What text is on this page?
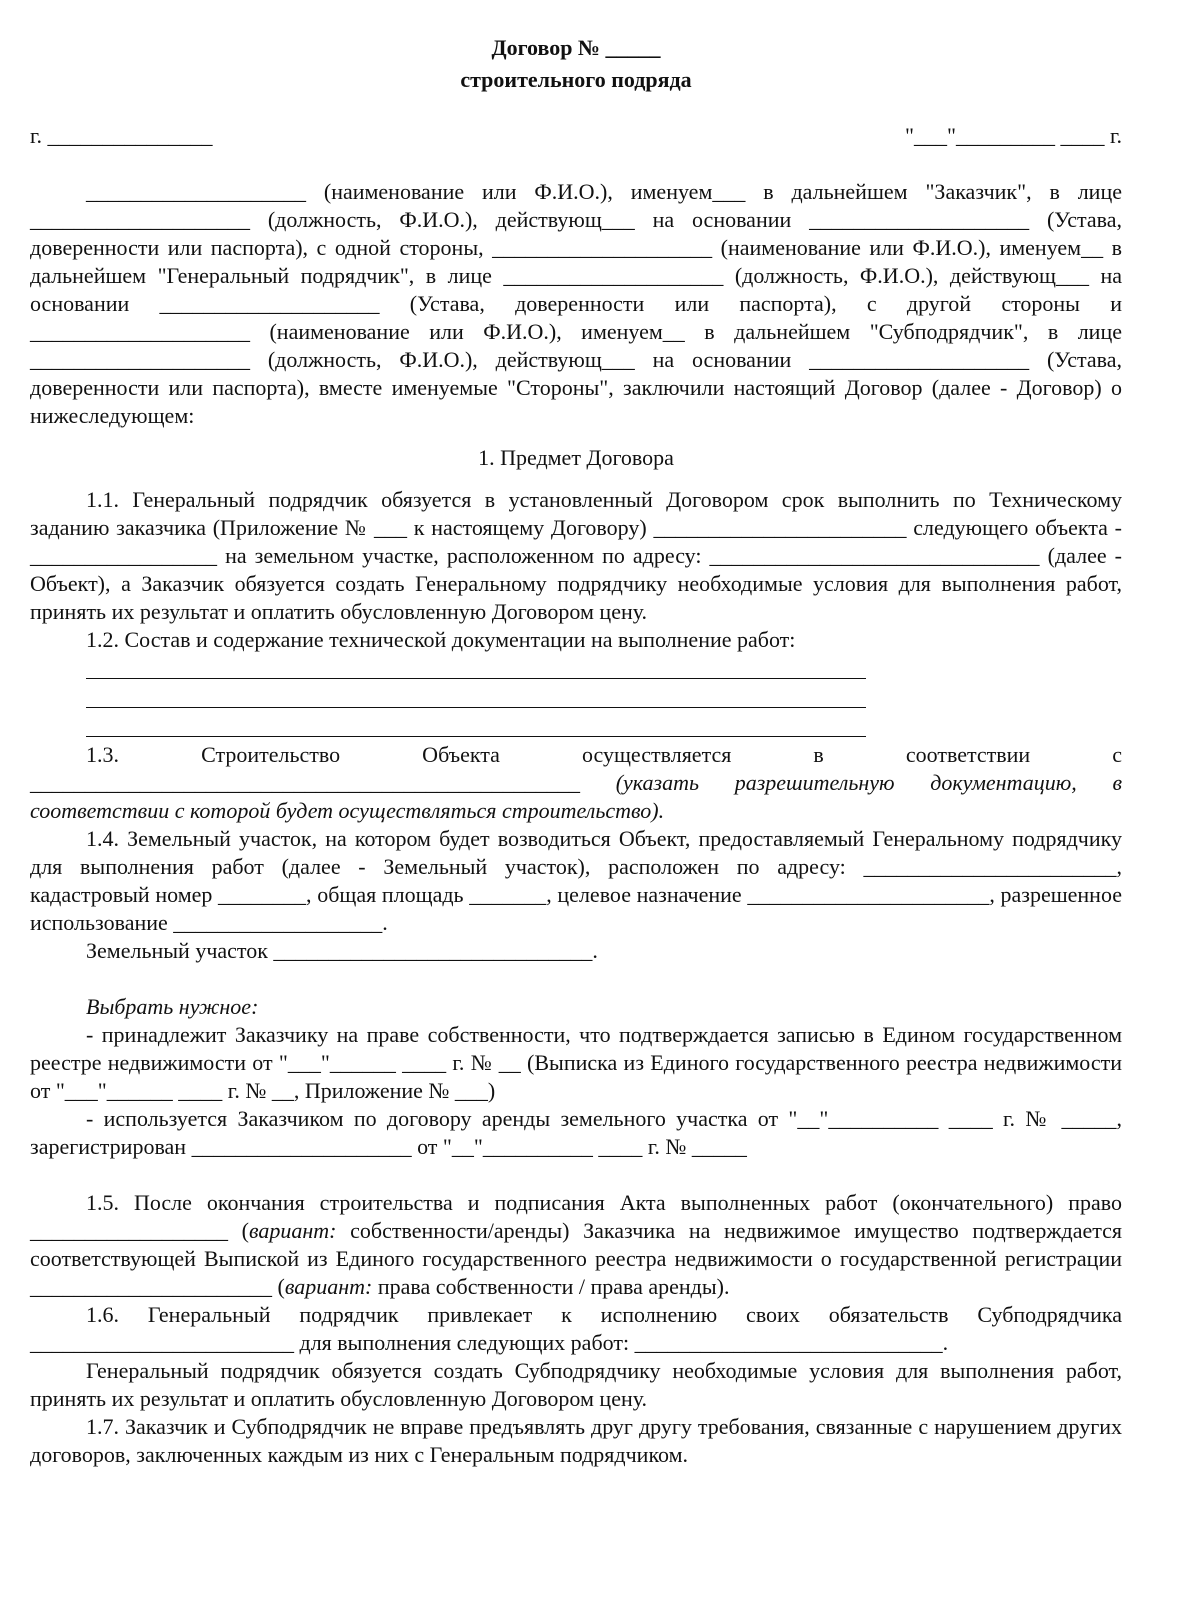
Договор № _____
строительного подряда
г. _______________	"___"_________ ____ г.

____________________ (наименование или Ф.И.О.), именуем___ в дальнейшем "Заказчик", в лице ____________________ (должность, Ф.И.О.), действующ___ на основании ____________________ (Устава, доверенности или паспорта), с одной стороны, ____________________ (наименование или Ф.И.О.), именуем__ в дальнейшем "Генеральный подрядчик", в лице ____________________ (должность, Ф.И.О.), действующ___ на основании ____________________ (Устава, доверенности или паспорта), с другой стороны и ____________________ (наименование или Ф.И.О.), именуем__ в дальнейшем "Субподрядчик", в лице ____________________ (должность, Ф.И.О.), действующ___ на основании ____________________ (Устава, доверенности или паспорта), вместе именуемые "Стороны", заключили настоящий Договор (далее - Договор) о нижеследующем:

1. Предмет Договора

1.1. Генеральный подрядчик обязуется в установленный Договором срок выполнить по Техническому заданию заказчика (Приложение № ___ к настоящему Договору) _______________________ следующего объекта - _________________ на земельном участке, расположенном по адресу: ______________________________ (далее - Объект), а Заказчик обязуется создать Генеральному подрядчику необходимые условия для выполнения работ, принять их результат и оплатить обусловленную Договором цену.

1.2. Состав и содержание технической документации на выполнение работ:

1.3. Строительство Объекта осуществляется в соответствии с __________________________________________________ (указать разрешительную документацию, в соответствии с которой будет осуществляться строительство).

1.4. Земельный участок, на котором будет возводиться Объект, предоставляемый Генеральному подрядчику для выполнения работ (далее - Земельный участок), расположен по адресу: _______________________, кадастровый номер ________, общая площадь _______, целевое назначение ______________________, разрешенное использование ___________________.

Земельный участок _____________________________.

Выбрать нужное:

- принадлежит Заказчику на праве собственности, что подтверждается записью в Едином государственном реестре недвижимости от "___"______ ____ г. № __ (Выписка из Единого государственного реестра недвижимости от "___"______ ____ г. № __, Приложение № ___)

- используется Заказчиком по договору аренды земельного участка от "__"__________ ____ г. № _____, зарегистрирован ____________________ от "__"__________ ____ г. № _____

1.5. После окончания строительства и подписания Акта выполненных работ (окончательного) право __________________ (вариант: собственности/аренды) Заказчика на недвижимое имущество подтверждается соответствующей Выпиской из Единого государственного реестра недвижимости о государственной регистрации ______________________ (вариант: права собственности / права аренды).

1.6. Генеральный подрядчик привлекает к исполнению своих обязательств Субподрядчика ________________________ для выполнения следующих работ: ____________________________.

Генеральный подрядчик обязуется создать Субподрядчику необходимые условия для выполнения работ, принять их результат и оплатить обусловленную Договором цену.

1.7. Заказчик и Субподрядчик не вправе предъявлять друг другу требования, связанные с нарушением других договоров, заключенных каждым из них с Генеральным подрядчиком.
